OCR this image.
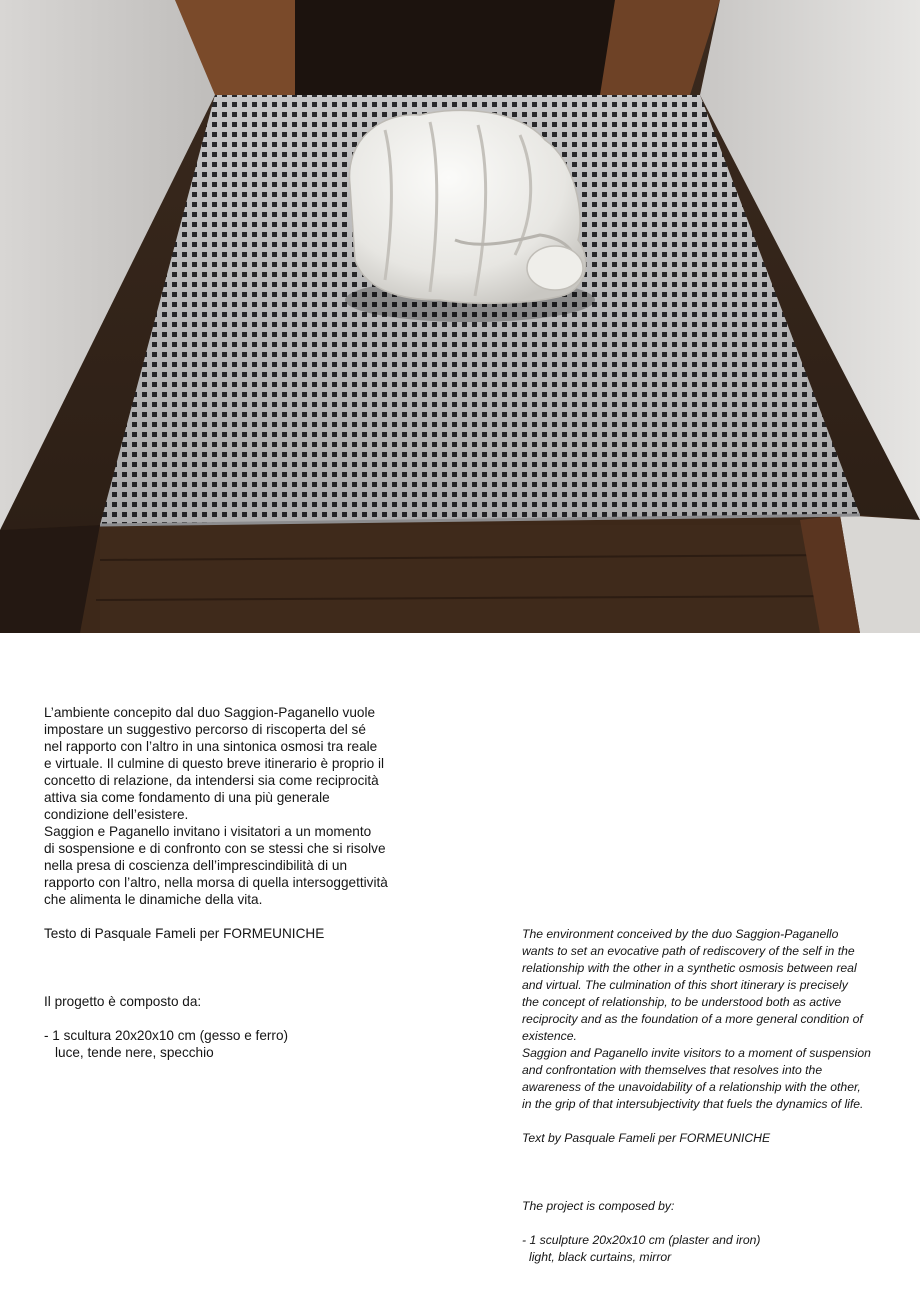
L’ambiente concepito dal duo Saggion-Paganello vuole

impostare un suggestivo percorso di riscoperta del sé

nel rapporto con l’altro in una sintonica osmosi tra reale

e virtuale. Il culmine di questo breve itinerario è proprio il

concetto di relazione, da intendersi sia come reciprocità

attiva sia come fondamento di una più generale

condizione dell’esistere.

Saggion e Paganello invitano i visitatori a un momento

di sospensione e di confronto con se stessi che si risolve

nella presa di coscienza dell’imprescindibilità di un

rapporto con l’altro, nella morsa di quella intersoggettività

che alimenta le dinamiche della vita.

Testo di Pasquale Fameli per FORMEUNICHE

Il progetto è composto da:

- 1 scultura 20x20x10 cm (gesso e ferro)

luce, tende nere, specchio

The environment conceived by the duo Saggion-Paganello

wants to set an evocative path of rediscovery of the self in the

relationship with the other in a synthetic osmosis between real

and virtual. The culmination of this short itinerary is precisely

the concept of relationship, to be understood both as active

reciprocity and as the foundation of a more general condition of

existence.

Saggion and Paganello invite visitors to a moment of suspension

and confrontation with themselves that resolves into the

awareness of the unavoidability of a relationship with the other,

in the grip of that intersubjectivity that fuels the dynamics of life.

Text by Pasquale Fameli per FORMEUNICHE

The project is composed by:

- 1 sculpture 20x20x10 cm (plaster and iron)

light, black curtains, mirror
